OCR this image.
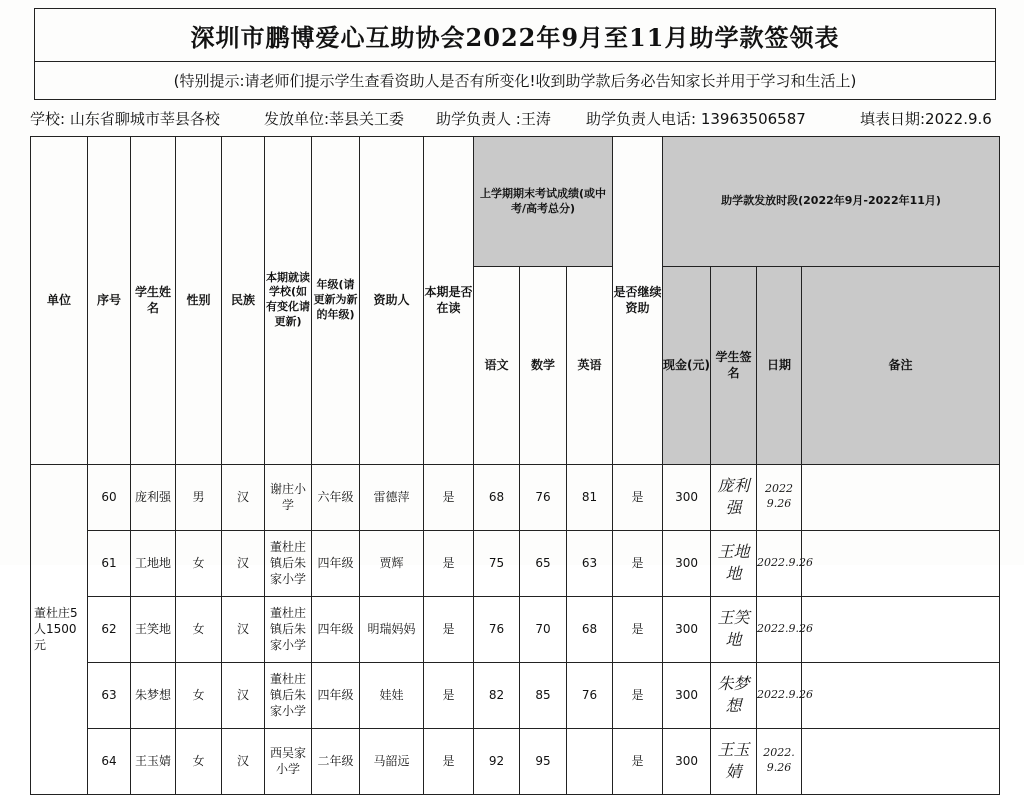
深圳市鹏博爱心互助协会2022年9月至11月助学款签领表
(特别提示:请老师们提示学生查看资助人是否有所变化!收到助学款后务必告知家长并用于学习和生活上)
学校: 山东省聊城市莘县各校	发放单位:莘县关工委 助学负责人 :王涛 助学负责人电话: 13963506587	填表日期:2022.9.6
单位	序号	学生姓名	性别	民族	本期就读学校(如有变化请更新)	年级(请更新为新的年级)	资助人	本期是否在读	上学期期末考试成绩(或中考/高考总分)			是否继续资助	助学款发放时段(2022年9月-2022年11月)	
									语文	数学	英语		现金(元)	学生签名	日期	备注	
董杜庄5人1500元	60	庞利强	男	汉	谢庄小学	六年级	雷德萍	是	68	76	81	是	300	庞利强	2022 9.26		
	61	工地地	女	汉	董杜庄镇后朱家小学	四年级	贾辉	是	75	65	63	是	300	王地地	2022.9.26		
	62	王笑地	女	汉	董杜庄镇后朱家小学	四年级	明瑞妈妈	是	76	70	68	是	300	王笑地	2022.9.26		
	63	朱梦想	女	汉	董杜庄镇后朱家小学	四年级	娃娃	是	82	85	76	是	300	朱梦想	2022.9.26		
	64	王玉婧	女	汉	西吴家小学	二年级	马韶远	是	92	95		是	300	王玉婧	2022. 9.26		
